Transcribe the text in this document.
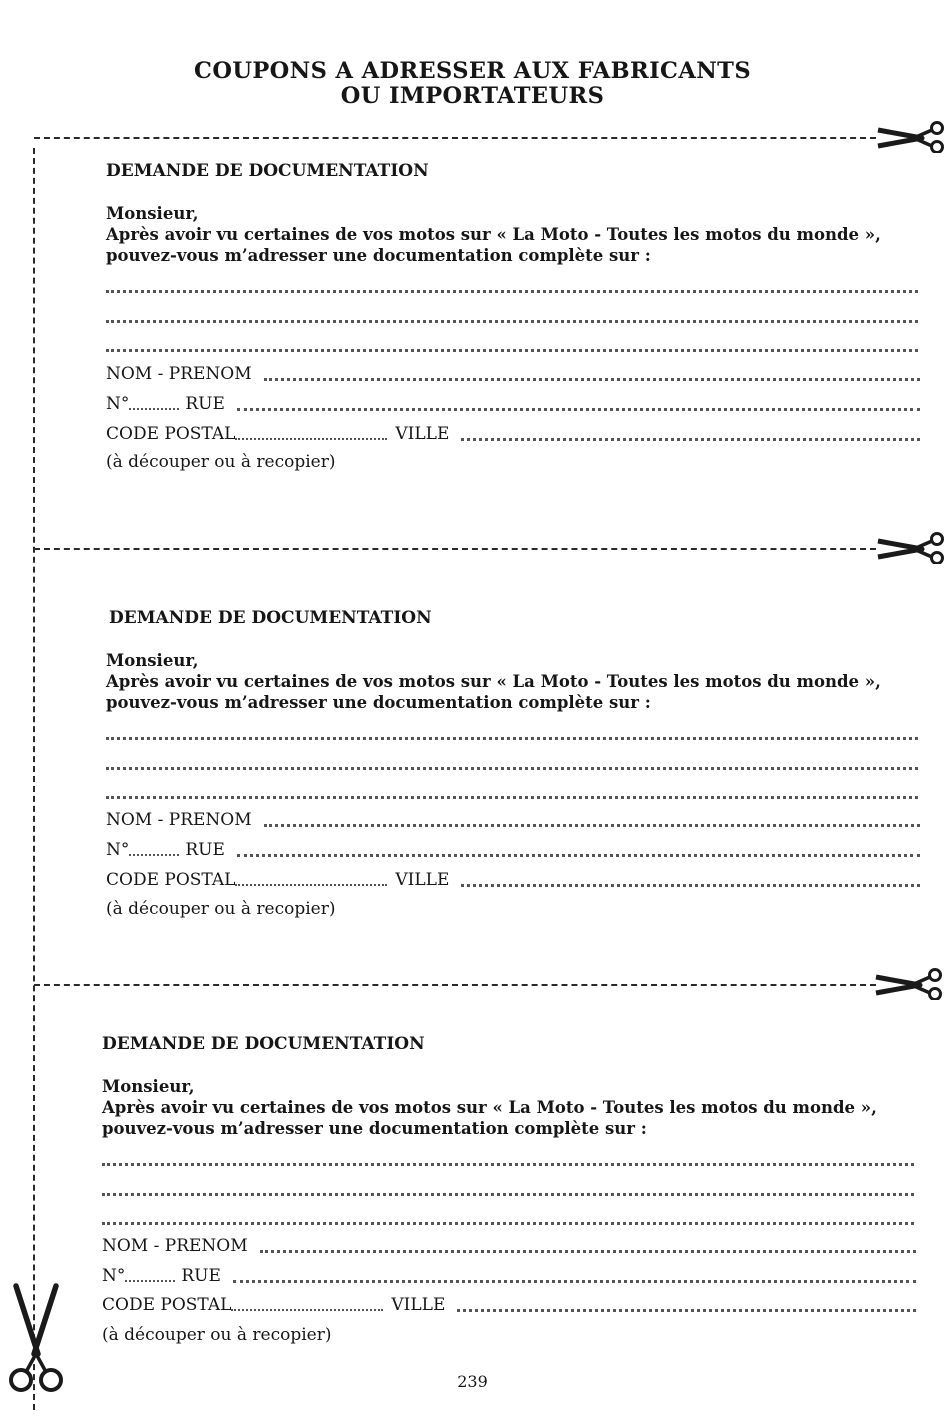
COUPONS A ADRESSER AUX FABRICANTS
OU IMPORTATEURS
DEMANDE DE DOCUMENTATION
Monsieur,
Après avoir vu certaines de vos motos sur « La Moto - Toutes les motos du monde »,
pouvez-vous m’adresser une documentation complète sur :
NOM - PRENOM
N°	RUE
CODE POSTAL	VILLE
(à découper ou à recopier)
DEMANDE DE DOCUMENTATION
Monsieur,
Après avoir vu certaines de vos motos sur « La Moto - Toutes les motos du monde »,
pouvez-vous m’adresser une documentation complète sur :
NOM - PRENOM
N°	RUE
CODE POSTAL	VILLE
(à découper ou à recopier)
DEMANDE DE DOCUMENTATION
Monsieur,
Après avoir vu certaines de vos motos sur « La Moto - Toutes les motos du monde »,
pouvez-vous m’adresser une documentation complète sur :
NOM - PRENOM
N°	RUE
CODE POSTAL	VILLE
(à découper ou à recopier)
239
